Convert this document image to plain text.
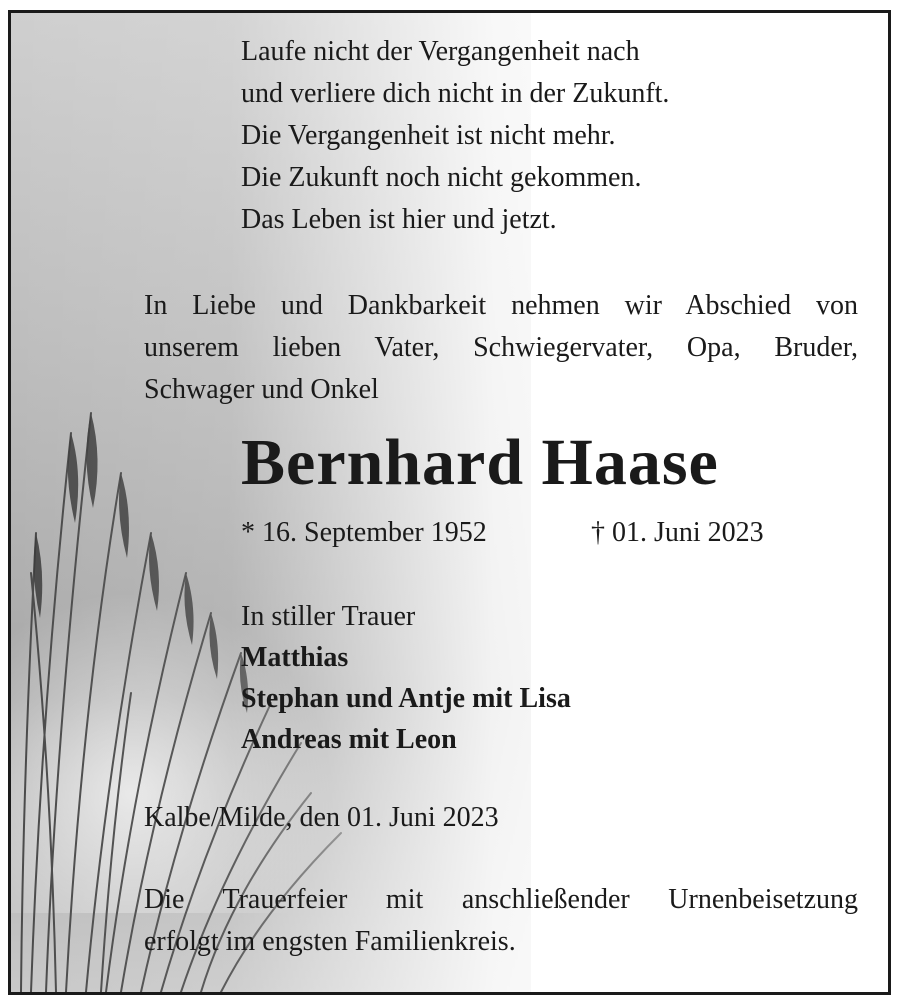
Laufe nicht der Vergangenheit nach
und verliere dich nicht in der Zukunft.
Die Vergangenheit ist nicht mehr.
Die Zukunft noch nicht gekommen.
Das Leben ist hier und jetzt.
In Liebe und Dankbarkeit nehmen wir Abschied von
unserem lieben Vater, Schwiegervater, Opa, Bruder,
Schwager und Onkel
Bernhard Haase
* 16. September 1952	† 01. Juni 2023
In stiller Trauer
Matthias
Stephan und Antje mit Lisa
Andreas mit Leon
Kalbe/Milde, den 01. Juni 2023
Die Trauerfeier mit anschließender Urnenbeisetzung
erfolgt im engsten Familienkreis.
